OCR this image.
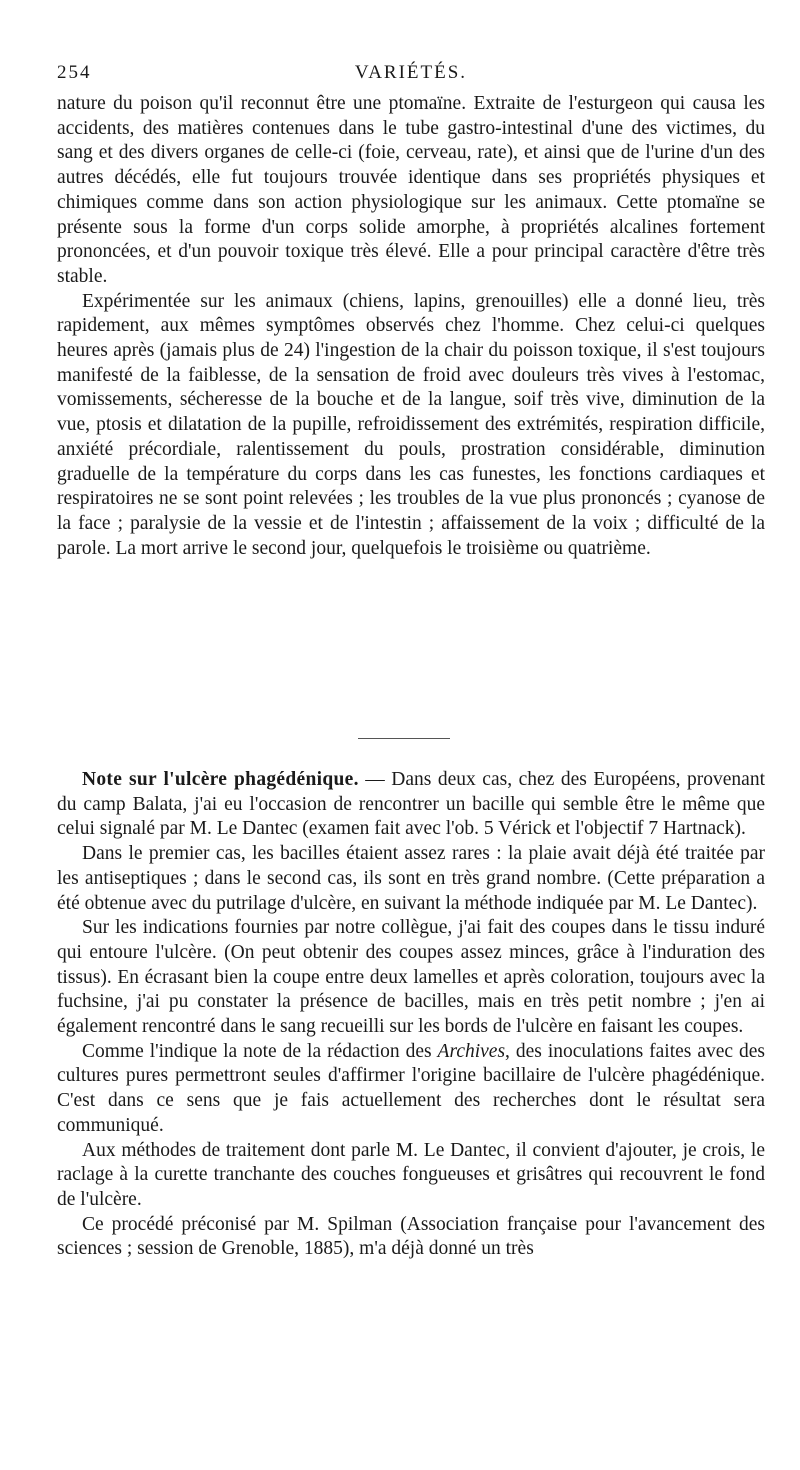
254	VARIÉTÉS.

nature du poison qu'il reconnut être une ptomaïne. Extraite de l'esturgeon qui causa les accidents, des matières contenues dans le tube gastro-intestinal d'une des victimes, du sang et des divers organes de celle-ci (foie, cerveau, rate), et ainsi que de l'urine d'un des autres décédés, elle fut toujours trouvée identique dans ses propriétés physiques et chimiques comme dans son action physiologique sur les animaux. Cette ptomaïne se présente sous la forme d'un corps solide amorphe, à propriétés alcalines fortement prononcées, et d'un pouvoir toxique très élevé. Elle a pour principal caractère d'être très stable.

Expérimentée sur les animaux (chiens, lapins, grenouilles) elle a donné lieu, très rapidement, aux mêmes symptômes observés chez l'homme. Chez celui-ci quelques heures après (jamais plus de 24) l'ingestion de la chair du poisson toxique, il s'est toujours manifesté de la faiblesse, de la sensation de froid avec douleurs très vives à l'estomac, vomissements, sécheresse de la bouche et de la langue, soif très vive, diminution de la vue, ptosis et dilatation de la pupille, refroidissement des extrémités, respiration difficile, anxiété précordiale, ralentissement du pouls, prostration considérable, diminution graduelle de la température du corps dans les cas funestes, les fonctions cardiaques et respiratoires ne se sont point relevées ; les troubles de la vue plus prononcés ; cyanose de la face ; paralysie de la vessie et de l'intestin ; affaissement de la voix ; difficulté de la parole. La mort arrive le second jour, quelquefois le troisième ou quatrième.

Note sur l'ulcère phagédénique. — Dans deux cas, chez des Européens, provenant du camp Balata, j'ai eu l'occasion de rencontrer un bacille qui semble être le même que celui signalé par M. Le Dantec (examen fait avec l'ob. 5 Vérick et l'objectif 7 Hartnack).

Dans le premier cas, les bacilles étaient assez rares : la plaie avait déjà été traitée par les antiseptiques ; dans le second cas, ils sont en très grand nombre. (Cette préparation a été obtenue avec du putrilage d'ulcère, en suivant la méthode indiquée par M. Le Dantec).

Sur les indications fournies par notre collègue, j'ai fait des coupes dans le tissu induré qui entoure l'ulcère. (On peut obtenir des coupes assez minces, grâce à l'induration des tissus). En écrasant bien la coupe entre deux lamelles et après coloration, toujours avec la fuchsine, j'ai pu constater la présence de bacilles, mais en très petit nombre ; j'en ai également rencontré dans le sang recueilli sur les bords de l'ulcère en faisant les coupes.

Comme l'indique la note de la rédaction des Archives, des inoculations faites avec des cultures pures permettront seules d'affirmer l'origine bacillaire de l'ulcère phagédénique. C'est dans ce sens que je fais actuellement des recherches dont le résultat sera communiqué.

Aux méthodes de traitement dont parle M. Le Dantec, il convient d'ajouter, je crois, le raclage à la curette tranchante des couches fongueuses et grisâtres qui recouvrent le fond de l'ulcère.

Ce procédé préconisé par M. Spilman (Association française pour l'avancement des sciences ; session de Grenoble, 1885), m'a déjà donné un très
